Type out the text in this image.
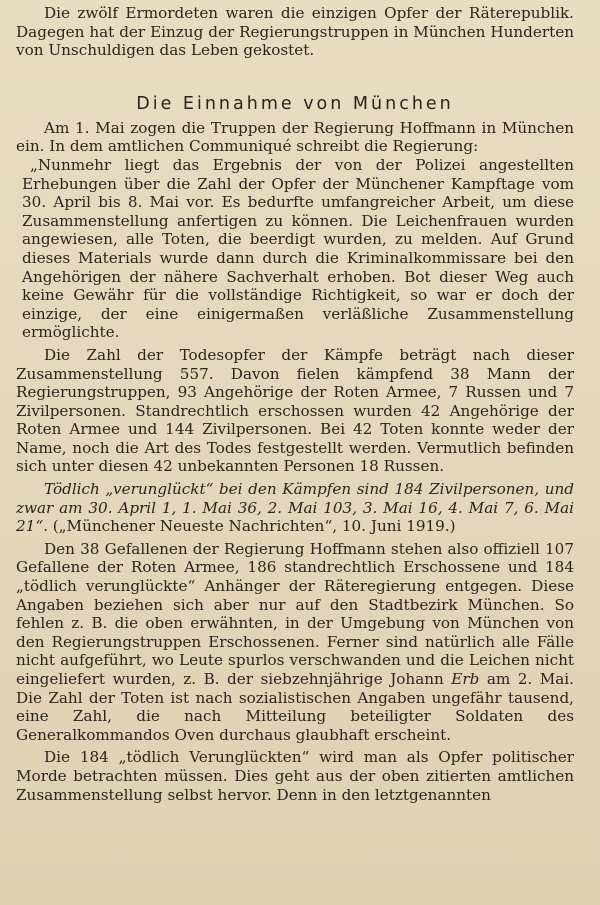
Die zwölf Ermordeten waren die einzigen Opfer der Räterepublik. Dagegen hat der Einzug der Regierungstruppen in München Hunderten von Unschuldigen das Leben gekostet.

Die Einnahme von München

Am 1. Mai zogen die Truppen der Regierung Hoffmann in München ein. In dem amtlichen Communiqué schreibt die Regierung:

„Nunmehr liegt das Ergebnis der von der Polizei angestellten Erhebungen über die Zahl der Opfer der Münchener Kampftage vom 30. April bis 8. Mai vor. Es bedurfte umfangreicher Arbeit, um diese Zusammenstellung anfertigen zu können. Die Leichenfrauen wurden angewiesen, alle Toten, die beerdigt wurden, zu melden. Auf Grund dieses Materials wurde dann durch die Kriminalkommissare bei den Angehörigen der nähere Sachverhalt erhoben. Bot dieser Weg auch keine Gewähr für die vollständige Richtigkeit, so war er doch der einzige, der eine einigermaßen verläßliche Zusammenstellung ermöglichte.

Die Zahl der Todesopfer der Kämpfe beträgt nach dieser Zusammenstellung 557. Davon fielen kämpfend 38 Mann der Regierungstruppen, 93 Angehörige der Roten Armee, 7 Russen und 7 Zivilpersonen. Standrechtlich erschossen wurden 42 Angehörige der Roten Armee und 144 Zivilpersonen. Bei 42 Toten konnte weder der Name, noch die Art des Todes festgestellt werden. Vermutlich befinden sich unter diesen 42 unbekannten Personen 18 Russen.

Tödlich „verunglückt“ bei den Kämpfen sind 184 Zivilpersonen, und zwar am 30. April 1, 1. Mai 36, 2. Mai 103, 3. Mai 16, 4. Mai 7, 6. Mai 21“. („Münchener Neueste Nachrichten“, 10. Juni 1919.)

Den 38 Gefallenen der Regierung Hoffmann stehen also offiziell 107 Gefallene der Roten Armee, 186 standrechtlich Erschossene und 184 „tödlich verunglückte“ Anhänger der Räteregierung entgegen. Diese Angaben beziehen sich aber nur auf den Stadtbezirk München. So fehlen z. B. die oben erwähnten, in der Umgebung von München von den Regierungstruppen Erschossenen. Ferner sind natürlich alle Fälle nicht aufgeführt, wo Leute spurlos verschwanden und die Leichen nicht eingeliefert wurden, z. B. der siebzehnjährige Johann Erb am 2. Mai. Die Zahl der Toten ist nach sozialistischen Angaben ungefähr tausend, eine Zahl, die nach Mitteilung beteiligter Soldaten des Generalkommandos Oven durchaus glaubhaft erscheint.

Die 184 „tödlich Verunglückten“ wird man als Opfer politischer Morde betrachten müssen. Dies geht aus der oben zitierten amtlichen Zusammenstellung selbst hervor. Denn in den letztgenannten
